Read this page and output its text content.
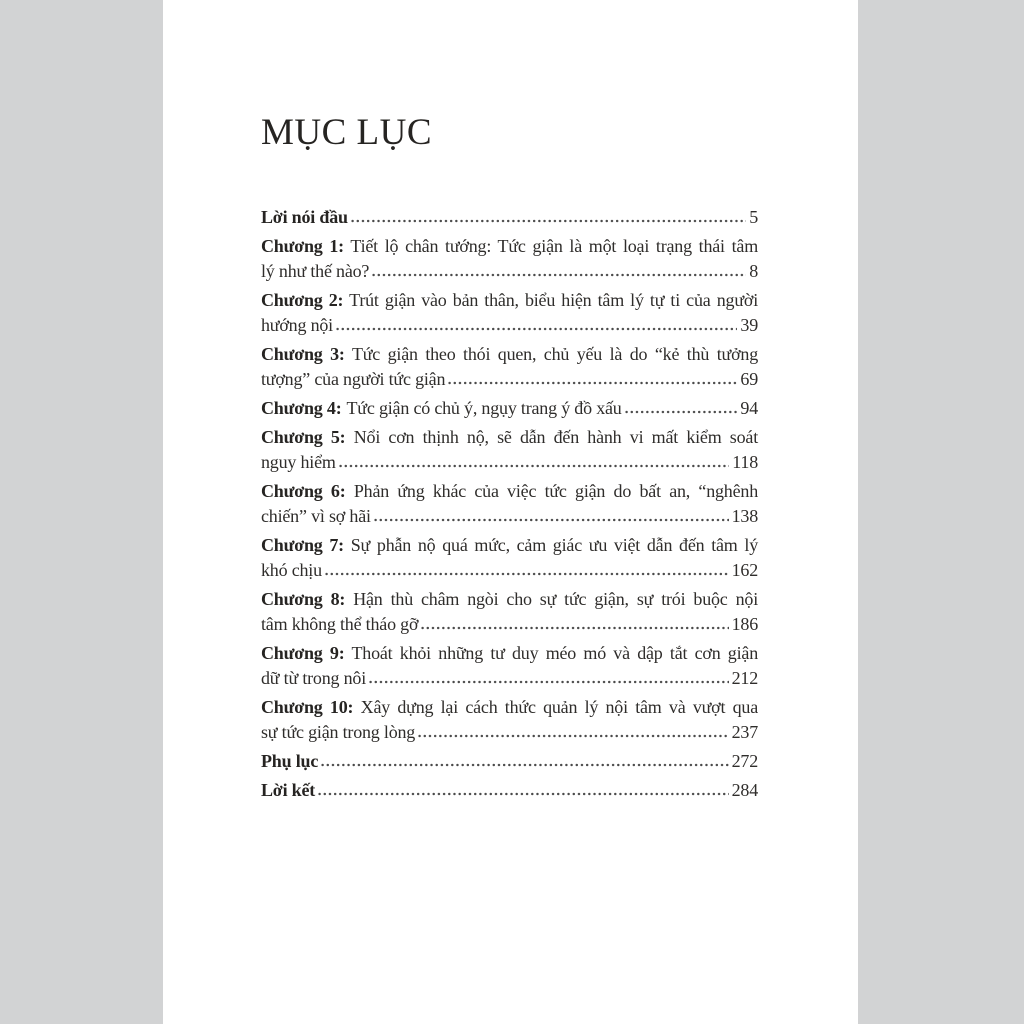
MỤC LỤC
Lời nói đầu	5
Chương 1: Tiết lộ chân tướng: Tức giận là một loại trạng thái tâm
lý như thế nào?	8
Chương 2: Trút giận vào bản thân, biểu hiện tâm lý tự ti của người
hướng nội	39
Chương 3: Tức giận theo thói quen, chủ yếu là do “kẻ thù tưởng
tượng” của người tức giận	69
Chương 4: Tức giận có chủ ý, ngụy trang ý đồ xấu	94
Chương 5: Nổi cơn thịnh nộ, sẽ dẫn đến hành vi mất kiểm soát
nguy hiểm	118
Chương 6: Phản ứng khác của việc tức giận do bất an, “nghênh
chiến” vì sợ hãi	138
Chương 7: Sự phẫn nộ quá mức, cảm giác ưu việt dẫn đến tâm lý
khó chịu	162
Chương 8: Hận thù châm ngòi cho sự tức giận, sự trói buộc nội
tâm không thể tháo gỡ	186
Chương 9: Thoát khỏi những tư duy méo mó và dập tắt cơn giận
dữ từ trong nôi	212
Chương 10: Xây dựng lại cách thức quản lý nội tâm và vượt qua
sự tức giận trong lòng	237
Phụ lục	272
Lời kết	284
